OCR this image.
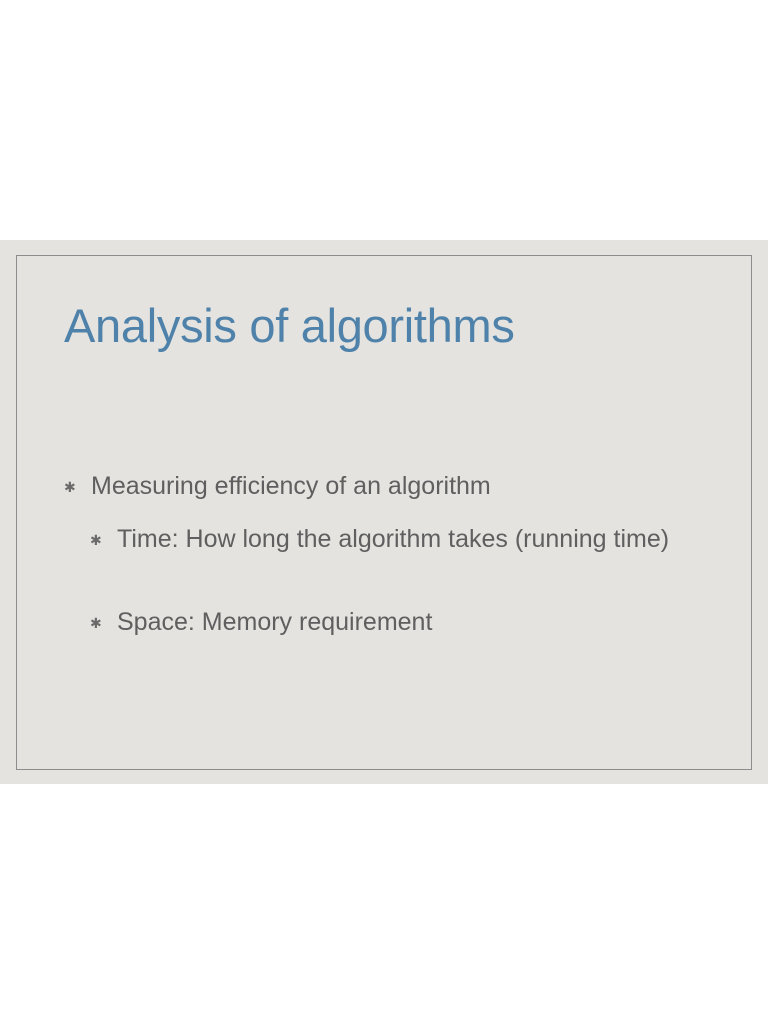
Analysis of algorithms
✱ Measuring efficiency of an algorithm
✱ Time: How long the algorithm takes (running time)
✱ Space: Memory requirement
